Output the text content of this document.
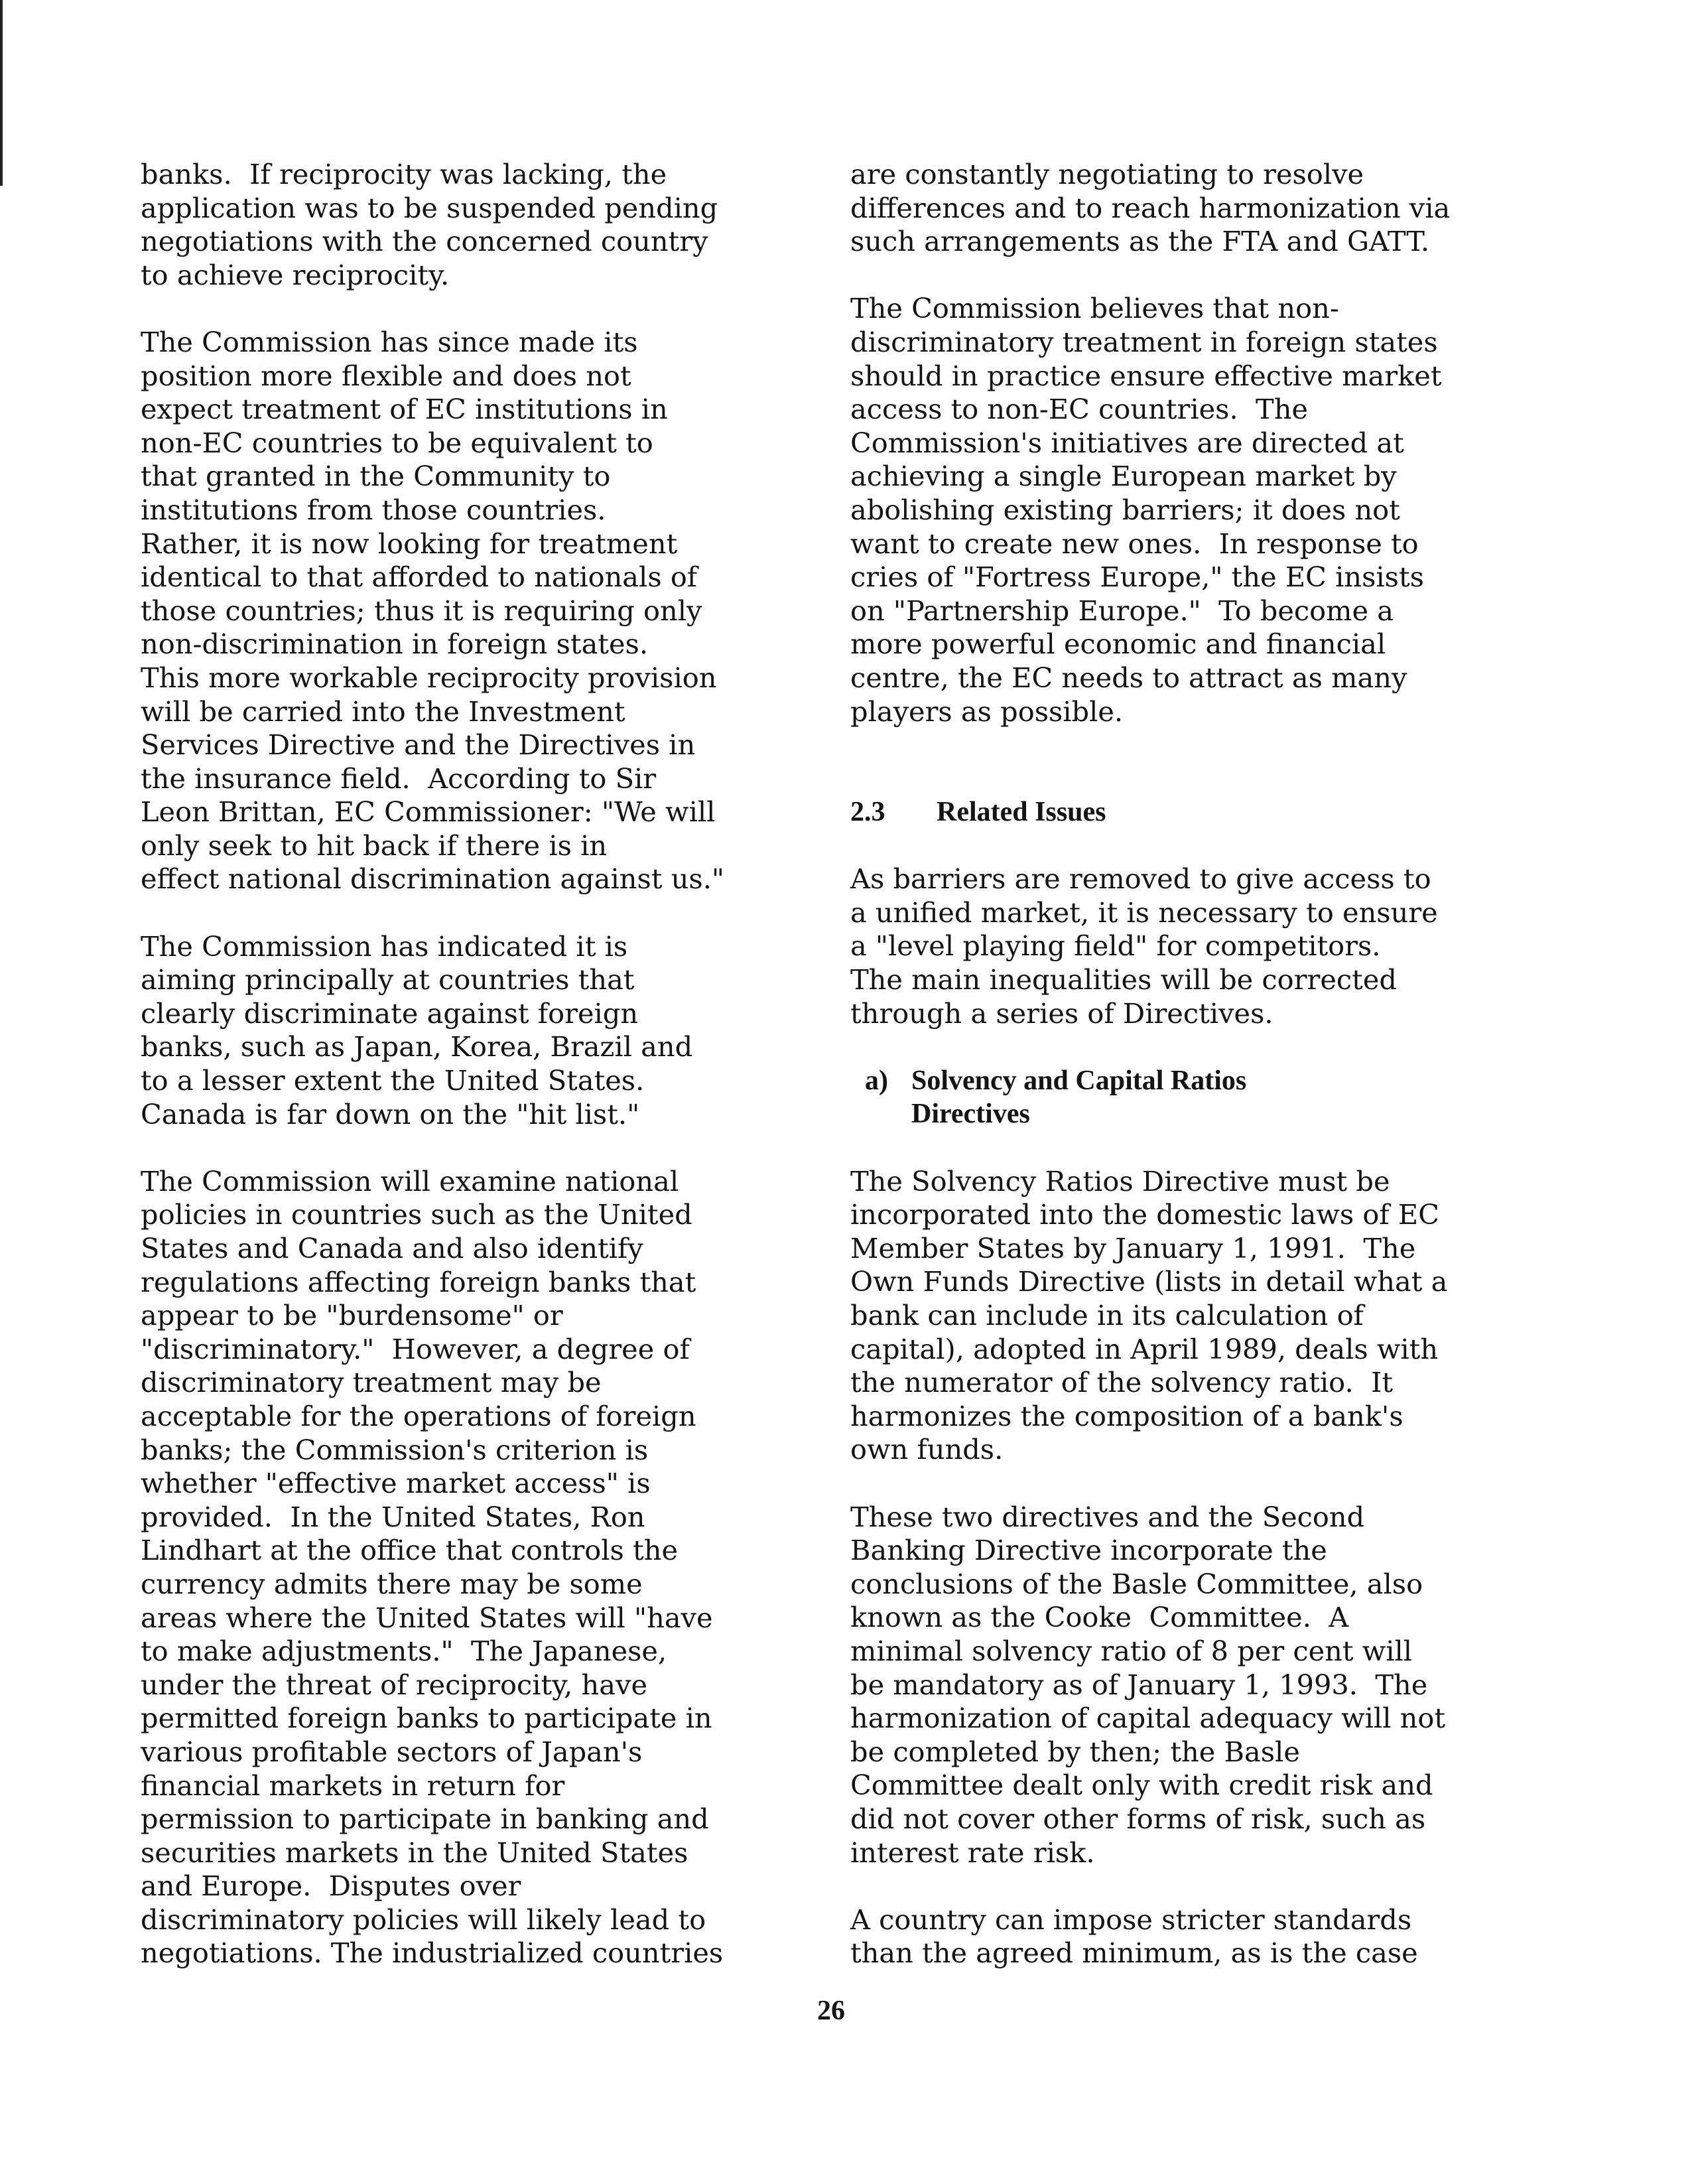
banks.  If reciprocity was lacking, the
application was to be suspended pending
negotiations with the concerned country
to achieve reciprocity.
The Commission has since made its
position more flexible and does not
expect treatment of EC institutions in
non-EC countries to be equivalent to
that granted in the Community to
institutions from those countries.
Rather, it is now looking for treatment
identical to that afforded to nationals of
those countries; thus it is requiring only
non-discrimination in foreign states.
This more workable reciprocity provision
will be carried into the Investment
Services Directive and the Directives in
the insurance field.  According to Sir
Leon Brittan, EC Commissioner: "We will
only seek to hit back if there is in
effect national discrimination against us."
The Commission has indicated it is
aiming principally at countries that
clearly discriminate against foreign
banks, such as Japan, Korea, Brazil and
to a lesser extent the United States.
Canada is far down on the "hit list."
The Commission will examine national
policies in countries such as the United
States and Canada and also identify
regulations affecting foreign banks that
appear to be "burdensome" or
"discriminatory."  However, a degree of
discriminatory treatment may be
acceptable for the operations of foreign
banks; the Commission's criterion is
whether "effective market access" is
provided.  In the United States, Ron
Lindhart at the office that controls the
currency admits there may be some
areas where the United States will "have
to make adjustments."  The Japanese,
under the threat of reciprocity, have
permitted foreign banks to participate in
various profitable sectors of Japan's
financial markets in return for
permission to participate in banking and
securities markets in the United States
and Europe.  Disputes over
discriminatory policies will likely lead to
negotiations. The industrialized countries
are constantly negotiating to resolve
differences and to reach harmonization via
such arrangements as the FTA and GATT.
The Commission believes that non-
discriminatory treatment in foreign states
should in practice ensure effective market
access to non-EC countries.  The
Commission's initiatives are directed at
achieving a single European market by
abolishing existing barriers; it does not
want to create new ones.  In response to
cries of "Fortress Europe," the EC insists
on "Partnership Europe."  To become a
more powerful economic and financial
centre, the EC needs to attract as many
players as possible.
2.3 Related Issues
As barriers are removed to give access to
a unified market, it is necessary to ensure
a "level playing field" for competitors.
The main inequalities will be corrected
through a series of Directives.
a) Solvency and Capital Ratios
Directives
The Solvency Ratios Directive must be
incorporated into the domestic laws of EC
Member States by January 1, 1991.  The
Own Funds Directive (lists in detail what a
bank can include in its calculation of
capital), adopted in April 1989, deals with
the numerator of the solvency ratio.  It
harmonizes the composition of a bank's
own funds.
These two directives and the Second
Banking Directive incorporate the
conclusions of the Basle Committee, also
known as the Cooke  Committee.  A
minimal solvency ratio of 8 per cent will
be mandatory as of January 1, 1993.  The
harmonization of capital adequacy will not
be completed by then; the Basle
Committee dealt only with credit risk and
did not cover other forms of risk, such as
interest rate risk.
A country can impose stricter standards
than the agreed minimum, as is the case
26
